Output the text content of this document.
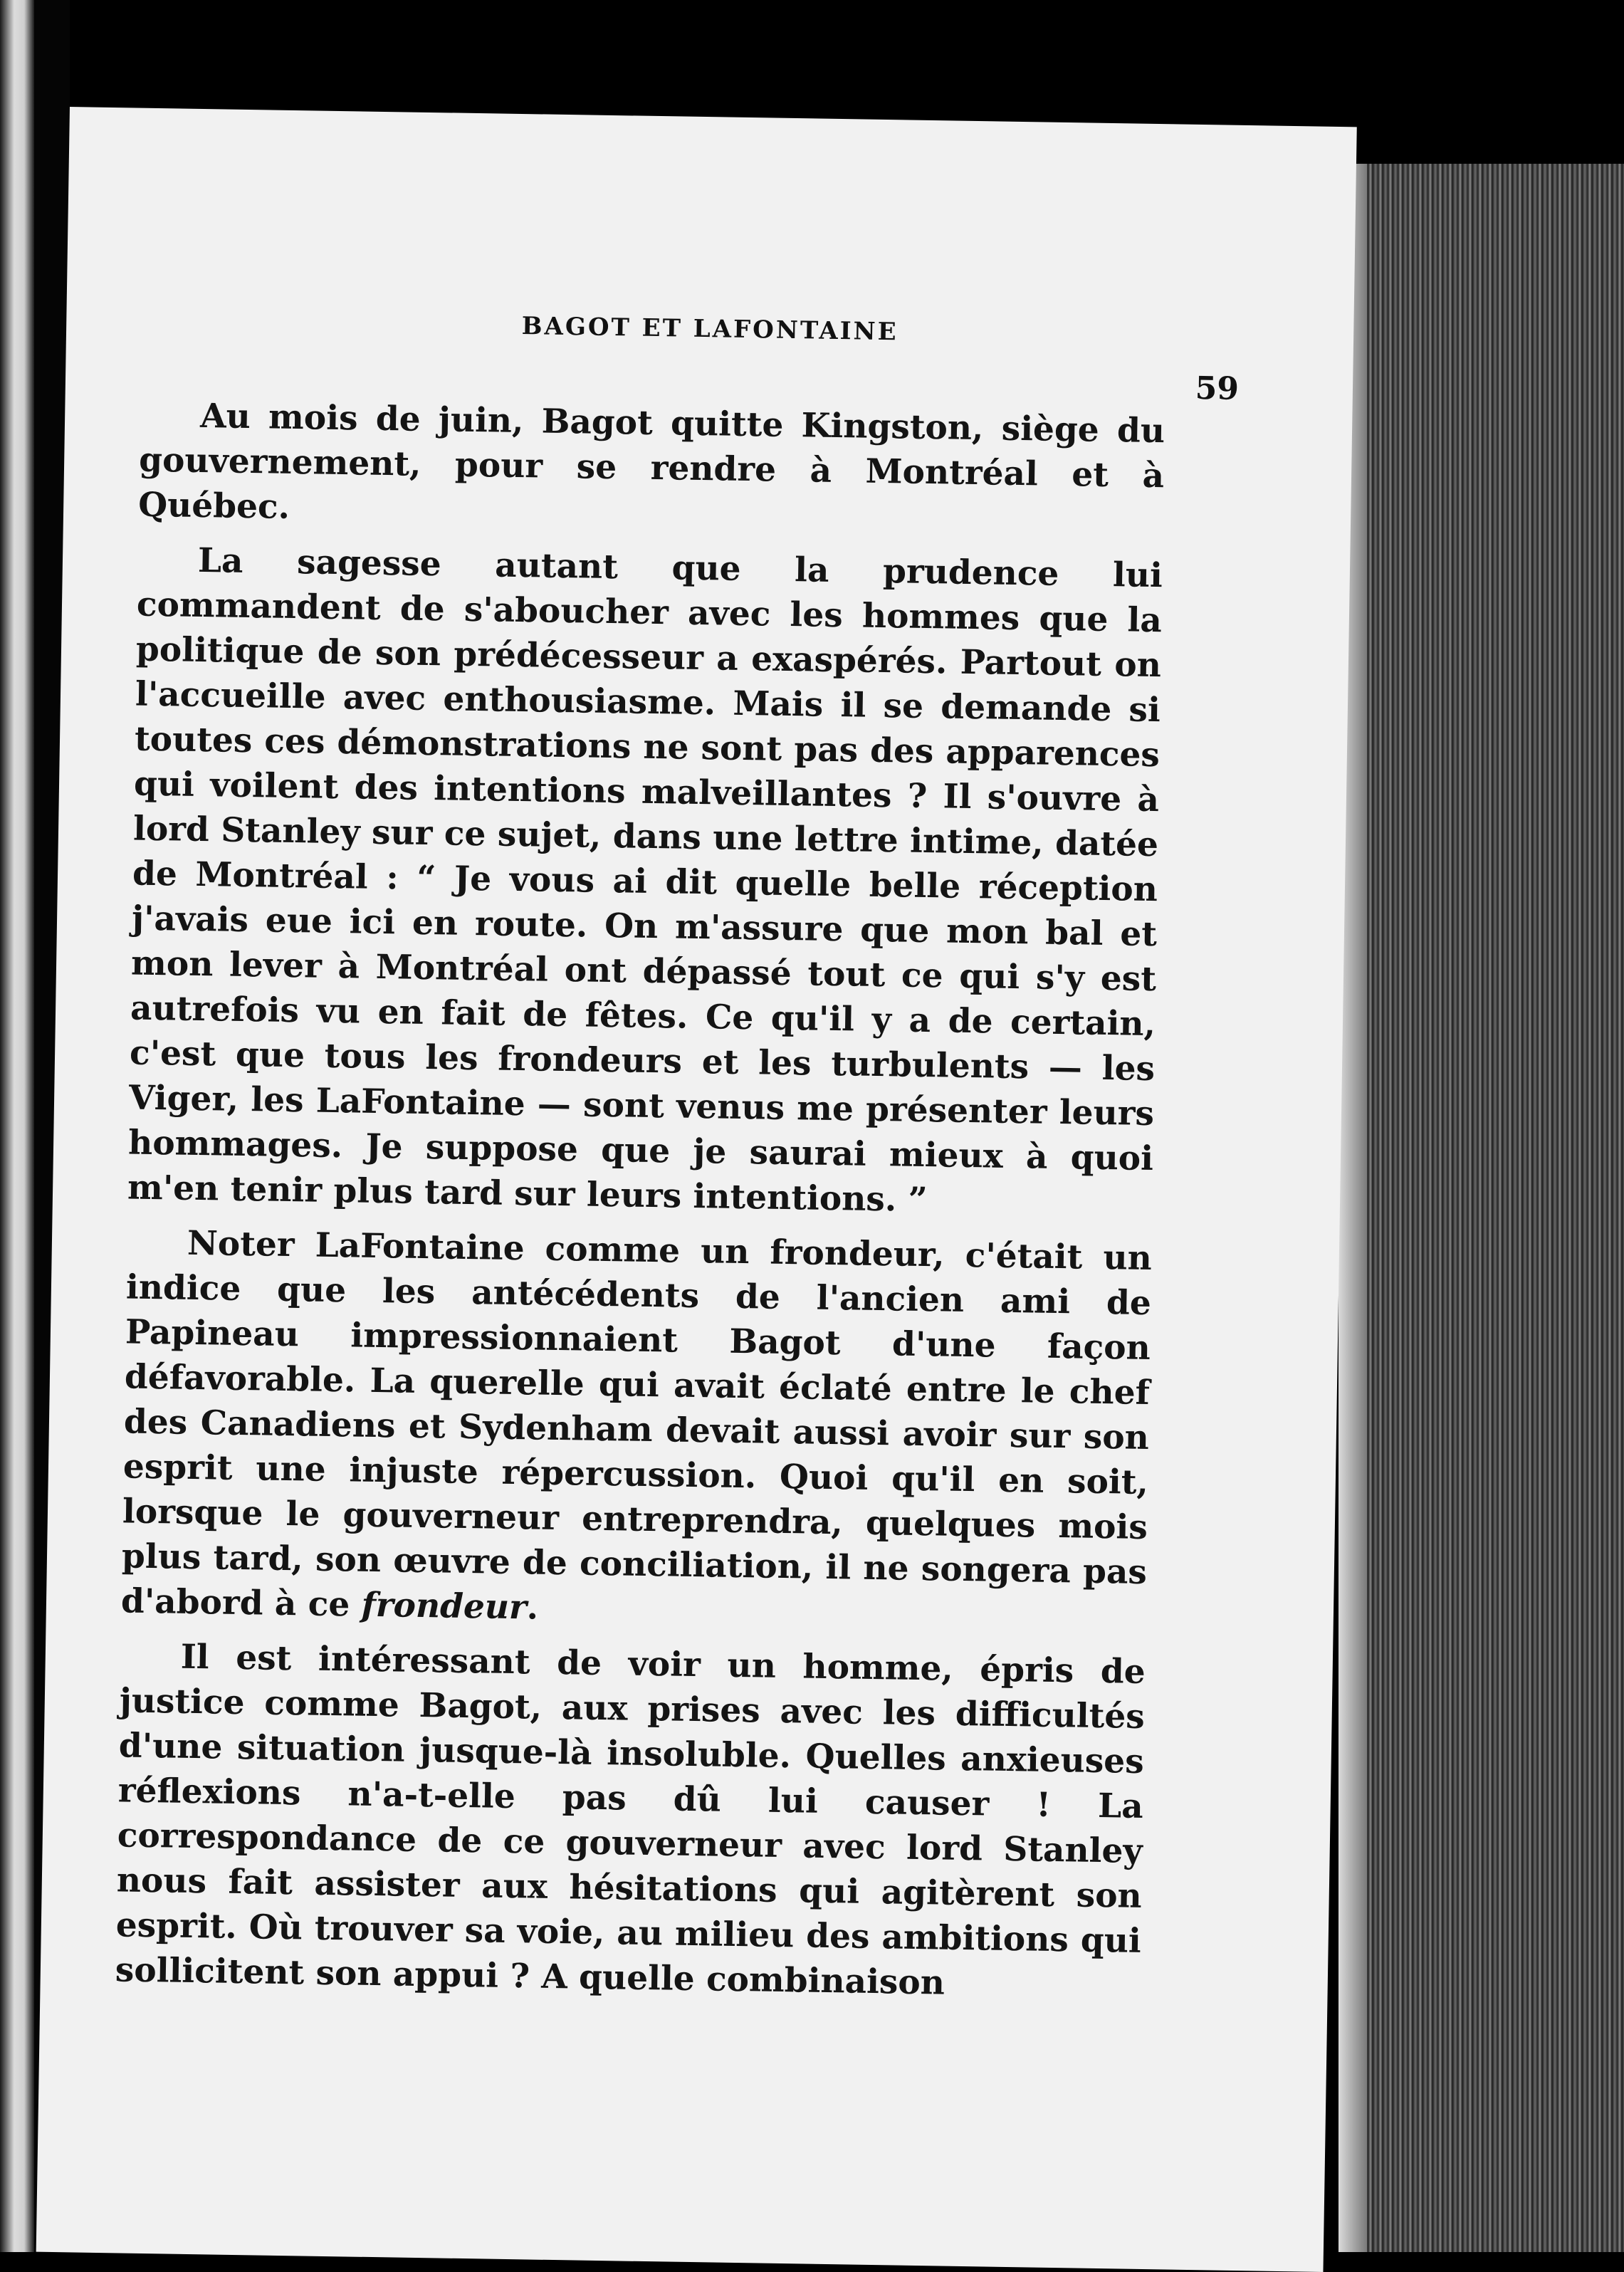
BAGOT ET LAFONTAINE
59

Au mois de juin, Bagot quitte Kingston, siège du gouvernement, pour se rendre à Montréal et à Québec.

La sagesse autant que la prudence lui commandent de s'aboucher avec les hommes que la politique de son prédécesseur a exaspérés. Partout on l'accueille avec enthousiasme. Mais il se demande si toutes ces démonstrations ne sont pas des apparences qui voilent des intentions malveillantes ? Il s'ouvre à lord Stanley sur ce sujet, dans une lettre intime, datée de Montréal : “ Je vous ai dit quelle belle réception j'avais eue ici en route. On m'assure que mon bal et mon lever à Montréal ont dépassé tout ce qui s'y est autrefois vu en fait de fêtes. Ce qu'il y a de certain, c'est que tous les frondeurs et les turbulents — les Viger, les LaFontaine — sont venus me présenter leurs hommages. Je suppose que je saurai mieux à quoi m'en tenir plus tard sur leurs intentions. ”

Noter LaFontaine comme un frondeur, c'était un indice que les antécédents de l'ancien ami de Papineau impressionnaient Bagot d'une façon défavorable. La querelle qui avait éclaté entre le chef des Canadiens et Sydenham devait aussi avoir sur son esprit une injuste répercussion. Quoi qu'il en soit, lorsque le gouverneur entreprendra, quelques mois plus tard, son œuvre de conciliation, il ne songera pas d'abord à ce frondeur.

Il est intéressant de voir un homme, épris de justice comme Bagot, aux prises avec les difficultés d'une situation jusque-là insoluble. Quelles anxieuses réflexions n'a-t-elle pas dû lui causer ! La correspondance de ce gouverneur avec lord Stanley nous fait assister aux hésitations qui agitèrent son esprit. Où trouver sa voie, au milieu des ambitions qui sollicitent son appui ? A quelle combinaison
